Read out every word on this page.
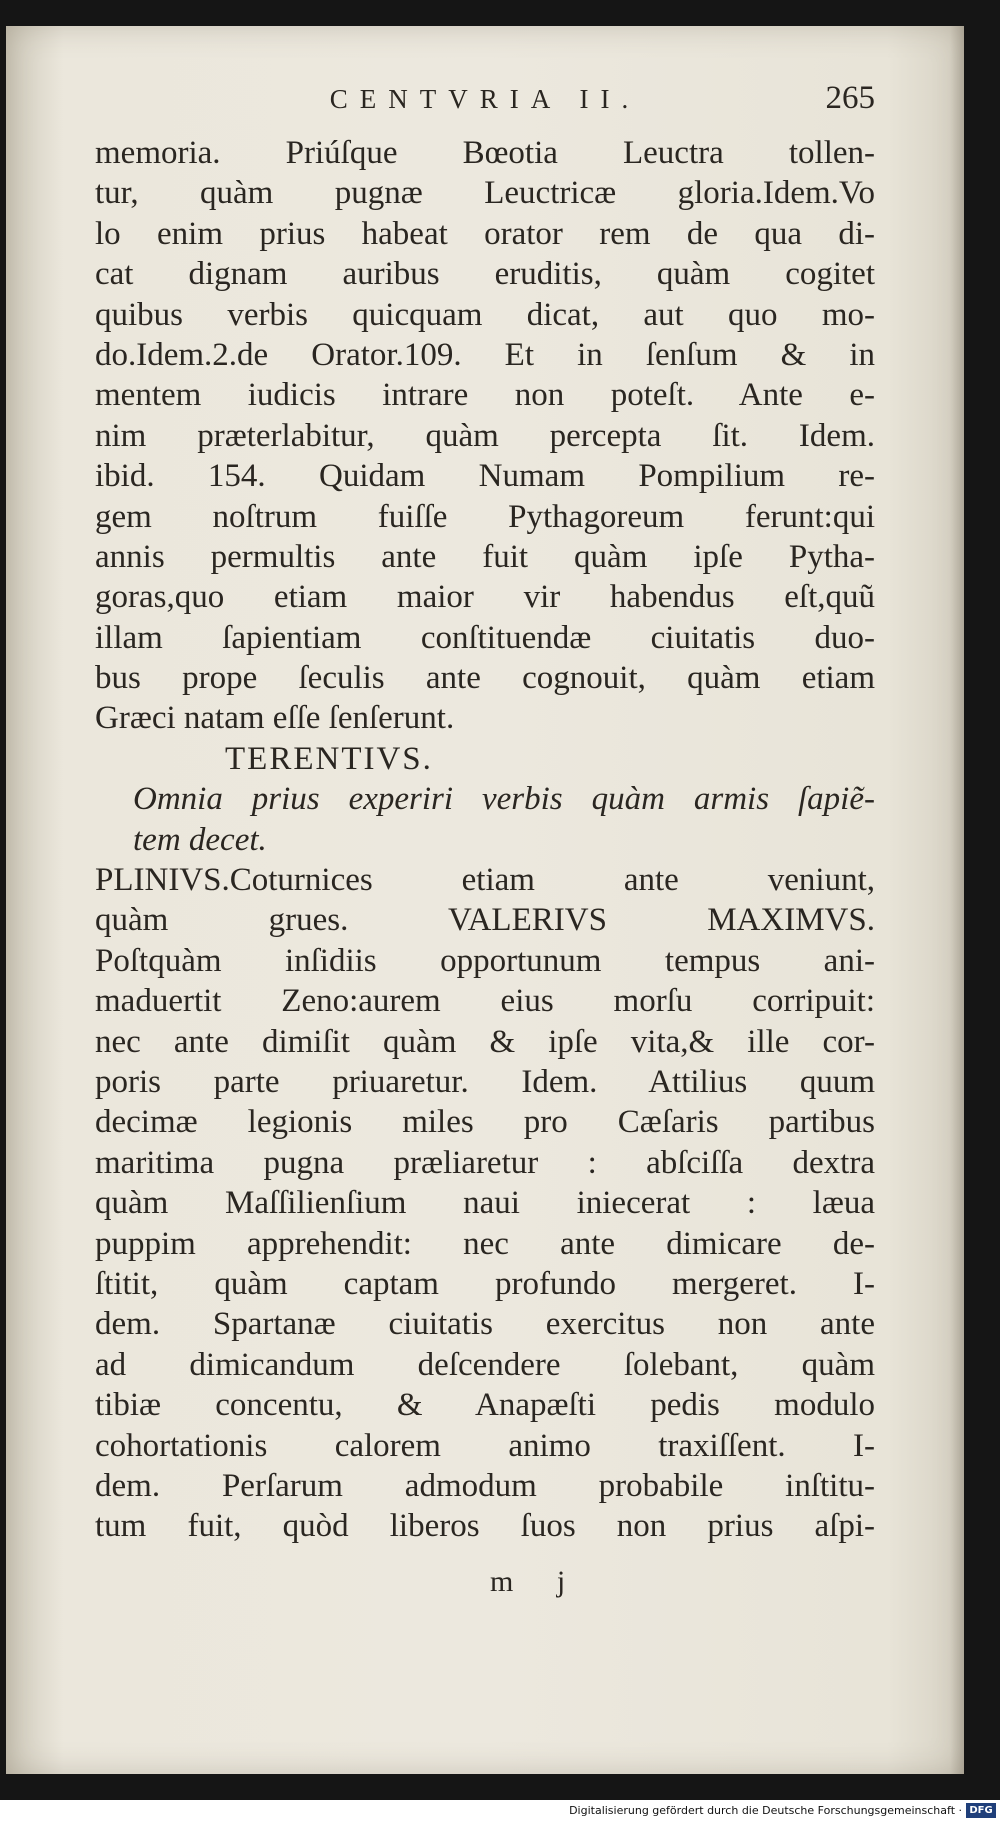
CENTVRIA II.	265
memoria. Priúſque Bœotia Leuctra tollen-
tur, quàm pugnæ Leuctricæ gloria.Idem.Vo
lo enim prius habeat orator rem de qua di-
cat dignam auribus eruditis, quàm cogitet
quibus verbis quicquam dicat, aut quo mo-
do.Idem.2.de Orator.109. Et in ſenſum & in
mentem iudicis intrare non poteſt. Ante e-
nim præterlabitur, quàm percepta ſit. Idem.
ibid. 154. Quidam Numam Pompilium re-
gem noſtrum fuiſſe Pythagoreum ferunt:qui
annis permultis ante fuit quàm ipſe Pytha-
goras,quo etiam maior vir habendus eſt,quũ
illam ſapientiam conſtituendæ ciuitatis duo-
bus prope ſeculis ante cognouit, quàm etiam
Græci natam eſſe ſenſerunt.
TERENTIVS.
Omnia prius experiri verbis quàm armis ſapiẽ-
tem decet.
PLINIVS.Coturnices etiam ante veniunt,
quàm grues. VALERIVS MAXIMVS.
Poſtquàm inſidiis opportunum tempus ani-
maduertit Zeno:aurem eius morſu corripuit:
nec ante dimiſit quàm & ipſe vita,& ille cor-
poris parte priuaretur. Idem. Attilius quum
decimæ legionis miles pro Cæſaris partibus
maritima pugna præliaretur : abſciſſa dextra
quàm Maſſilienſium naui iniecerat : læua
puppim apprehendit: nec ante dimicare de-
ſtitit, quàm captam profundo mergeret. I-
dem. Spartanæ ciuitatis exercitus non ante
ad dimicandum deſcendere ſolebant, quàm
tibiæ concentu, & Anapæſti pedis modulo
cohortationis calorem animo traxiſſent. I-
dem. Perſarum admodum probabile inſtitu-
tum fuit, quòd liberos ſuos non prius aſpi-
m j
Digitalisierung gefördert durch die Deutsche Forschungsgemeinschaft · DFG
